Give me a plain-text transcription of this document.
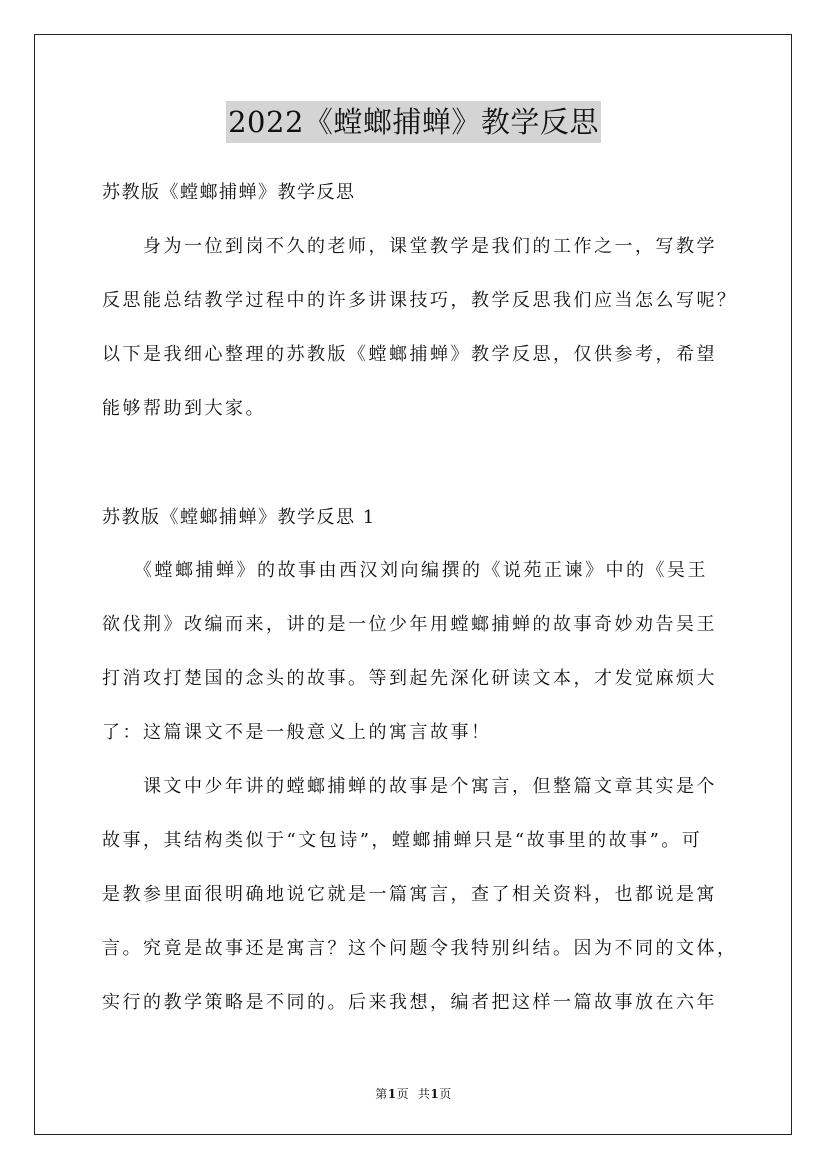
2022《螳螂捕蝉》教学反思
苏教版《螳螂捕蝉》教学反思
　　身为一位到岗不久的老师，课堂教学是我们的工作之一，写教学
反思能总结教学过程中的许多讲课技巧，教学反思我们应当怎么写呢？
以下是我细心整理的苏教版《螳螂捕蝉》教学反思，仅供参考，希望
能够帮助到大家。
苏教版《螳螂捕蝉》教学反思 1
　　《螳螂捕蝉》的故事由西汉刘向编撰的《说苑正谏》中的《吴王
欲伐荆》改编而来，讲的是一位少年用螳螂捕蝉的故事奇妙劝告吴王
打消攻打楚国的念头的故事。等到起先深化研读文本，才发觉麻烦大
了：这篇课文不是一般意义上的寓言故事！
　　课文中少年讲的螳螂捕蝉的故事是个寓言，但整篇文章其实是个
故事，其结构类似于“文包诗”，螳螂捕蝉只是“故事里的故事”。可
是教参里面很明确地说它就是一篇寓言，查了相关资料，也都说是寓
言。究竟是故事还是寓言？这个问题令我特别纠结。因为不同的文体，
实行的教学策略是不同的。后来我想，编者把这样一篇故事放在六年
第1页 共1页
